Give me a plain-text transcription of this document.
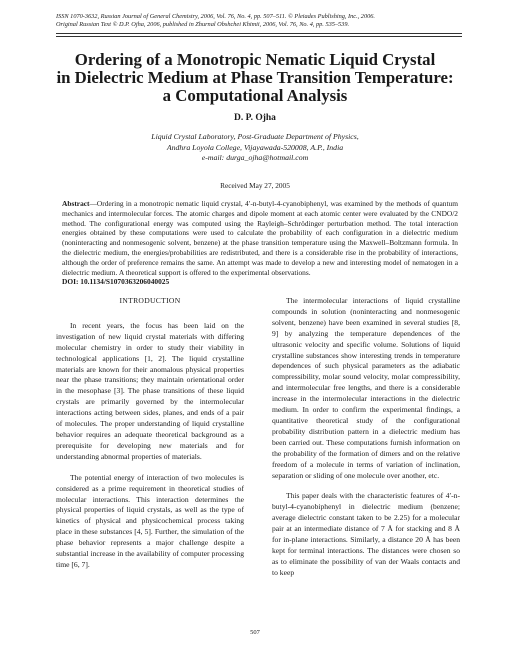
ISSN 1070-3632, Russian Journal of General Chemistry, 2006, Vol. 76, No. 4, pp. 507–511. © Pleiades Publishing, Inc., 2006.
Original Russian Text © D.P. Ojha, 2006, published in Zhurnal Obshchei Khimii, 2006, Vol. 76, No. 4, pp. 535–539.
Ordering of a Monotropic Nematic Liquid Crystal
in Dielectric Medium at Phase Transition Temperature:
a Computational Analysis
D. P. Ojha
Liquid Crystal Laboratory, Post-Graduate Department of Physics,
Andhra Loyola College, Vijayawada-520008, A.P., India
e-mail: durga_ojha@hotmail.com
Received May 27, 2005
Abstract—Ordering in a monotropic nematic liquid crystal, 4′-n-butyl-4-cyanobiphenyl, was examined by the methods of quantum mechanics and intermolecular forces. The atomic charges and dipole moment at each atomic center were evaluated by the CNDO/2 method. The configurational energy was computed using the Rayleigh–Schrödinger perturbation method. The total interaction energies obtained by these computations were used to calculate the probability of each configuration in a dielectric medium (noninteracting and nonmesogenic solvent, benzene) at the phase transition temperature using the Maxwell–Boltzmann formula. In the dielectric medium, the energies/probabilities are redistributed, and there is a considerable rise in the probability of interactions, although the order of preference remains the same. An attempt was made to develop a new and interesting model of nematogen in a dielectric medium. A theoretical support is offered to the experimental observations.
DOI: 10.1134/S1070363206040025

INTRODUCTION

In recent years, the focus has been laid on the investigation of new liquid crystal materials with differing molecular chemistry in order to study their viability in technological applications [1, 2]. The liquid crystalline materials are known for their anomalous physical properties near the phase transitions; they maintain orientational order in the mesophase [3]. The phase transitions of these liquid crystals are primarily governed by the intermolecular interactions acting between sides, planes, and ends of a pair of molecules. The proper understanding of liquid crystalline behavior requires an adequate theoretical background as a prerequisite for developing new materials and for understanding abnormal properties of materials.

The potential energy of interaction of two molecules is considered as a prime requirement in theoretical studies of molecular interactions. This interaction determines the physical properties of liquid crystals, as well as the type of kinetics of physical and physicochemical process taking place in these substances [4, 5]. Further, the simulation of the phase behavior represents a major challenge despite a substantial increase in the availability of computer processing time [6, 7].

The intermolecular interactions of liquid crystalline compounds in solution (noninteracting and nonmesogenic solvent, benzene) have been examined in several studies [8, 9] by analyzing the temperature dependences of the ultrasonic velocity and specific volume. Solutions of liquid crystalline substances show interesting trends in temperature dependences of such physical parameters as the adiabatic compressibility, molar sound velocity, molar compressibility, and intermolecular free lengths, and there is a considerable increase in the intermolecular interactions in the dielectric medium. In order to confirm the experimental findings, a quantitative theoretical study of the configurational probability distribution pattern in a dielectric medium has been carried out. These computations furnish information on the probability of the formation of dimers and on the relative freedom of a molecule in terms of variation of inclination, separation or sliding of one molecule over another, etc.

This paper deals with the characteristic features of 4′-n-butyl-4-cyanobiphenyl in dielectric medium (benzene; average dielectric constant taken to be 2.25) for a molecular pair at an intermediate distance of 7 Å for stacking and 8 Å for in-plane interactions. Similarly, a distance 20 Å has been kept for terminal interactions. The distances were chosen so as to eliminate the possibility of van der Waals contacts and to keep

507
